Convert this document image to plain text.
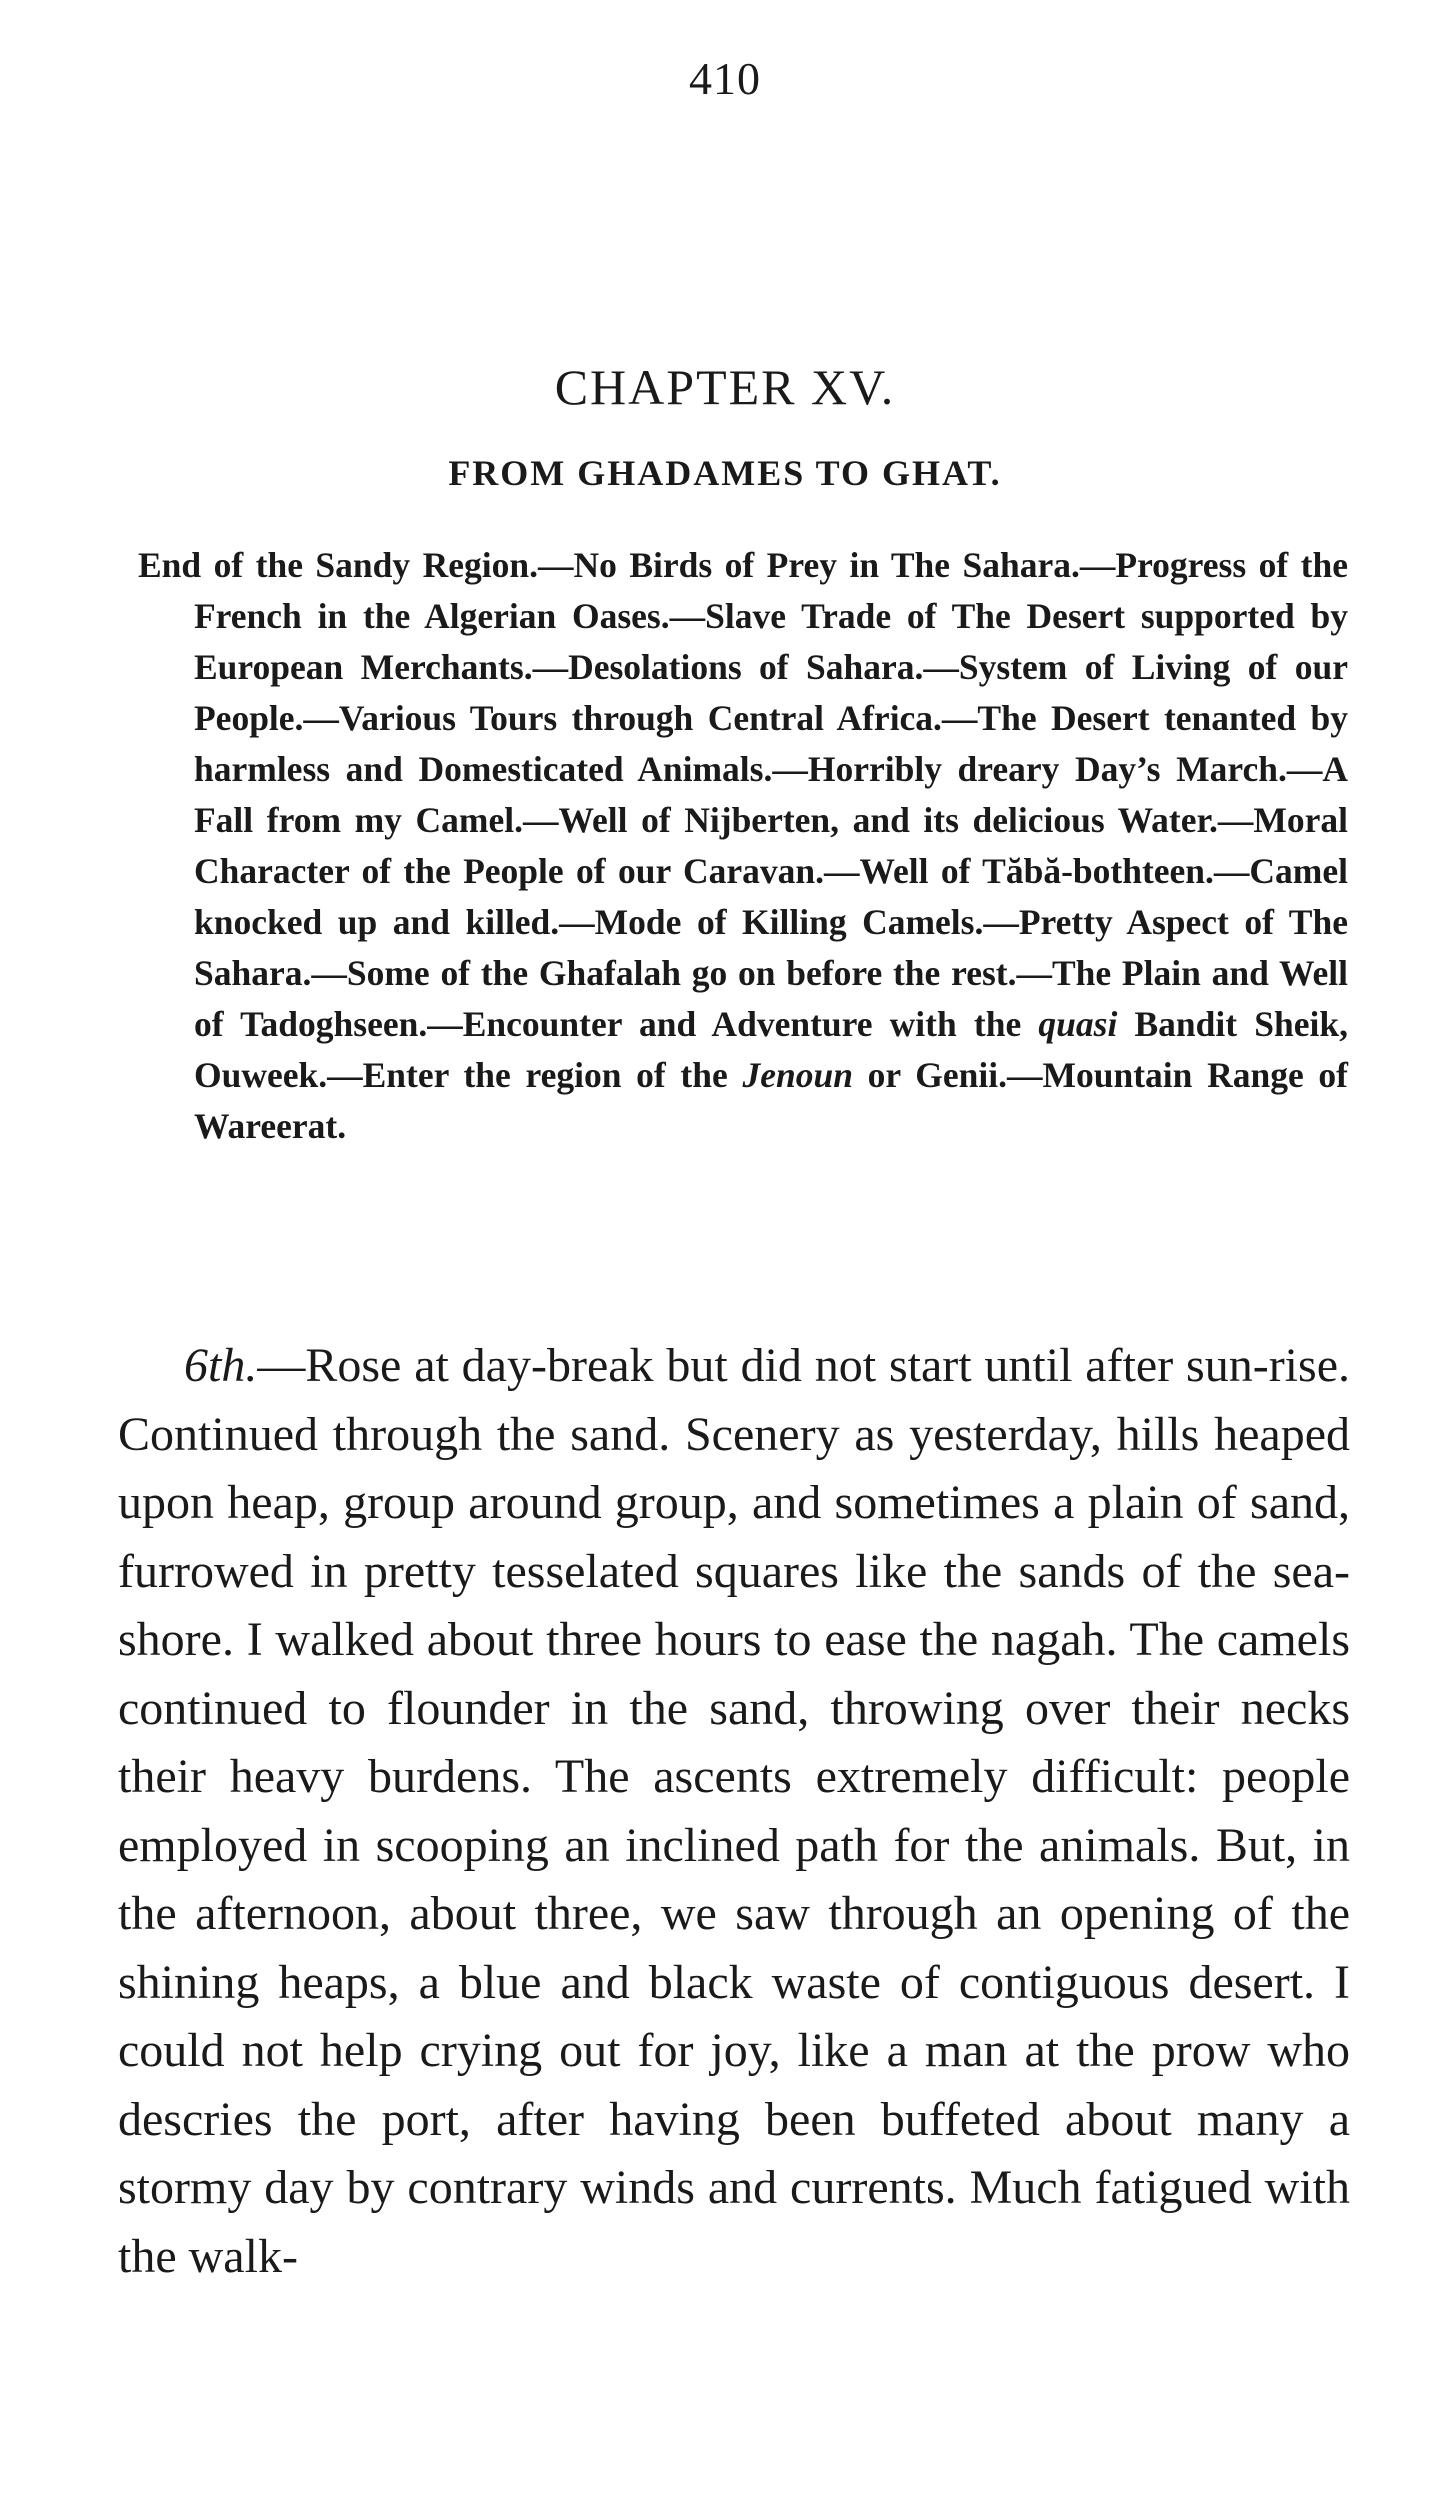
410
CHAPTER XV.
FROM GHADAMES TO GHAT.
End of the Sandy Region.—No Birds of Prey in The Sahara.—Progress of the French in the Algerian Oases.—Slave Trade of The Desert supported by European Merchants.—Desolations of Sahara.—System of Living of our People.—Various Tours through Central Africa.—The Desert tenanted by harmless and Domesticated Animals.—Horribly dreary Day’s March.—A Fall from my Camel.—Well of Nijberten, and its delicious Water.—Moral Character of the People of our Caravan.—Well of Tăbă-bothteen.—Camel knocked up and killed.—Mode of Killing Camels.—Pretty Aspect of The Sahara.—Some of the Ghafalah go on before the rest.—The Plain and Well of Tadoghseen.—Encounter and Adventure with the quasi Bandit Sheik, Ouweek.—Enter the region of the Jenoun or Genii.—Mountain Range of Wareerat.
6th.—Rose at day-break but did not start until after sun-rise. Continued through the sand. Scenery as yesterday, hills heaped upon heap, group around group, and sometimes a plain of sand, furrowed in pretty tesselated squares like the sands of the sea-shore. I walked about three hours to ease the nagah. The camels continued to flounder in the sand, throwing over their necks their heavy burdens. The ascents extremely difficult: people employed in scooping an inclined path for the animals. But, in the afternoon, about three, we saw through an opening of the shining heaps, a blue and black waste of contiguous desert. I could not help crying out for joy, like a man at the prow who descries the port, after having been buffeted about many a stormy day by contrary winds and currents. Much fatigued with the walk-
